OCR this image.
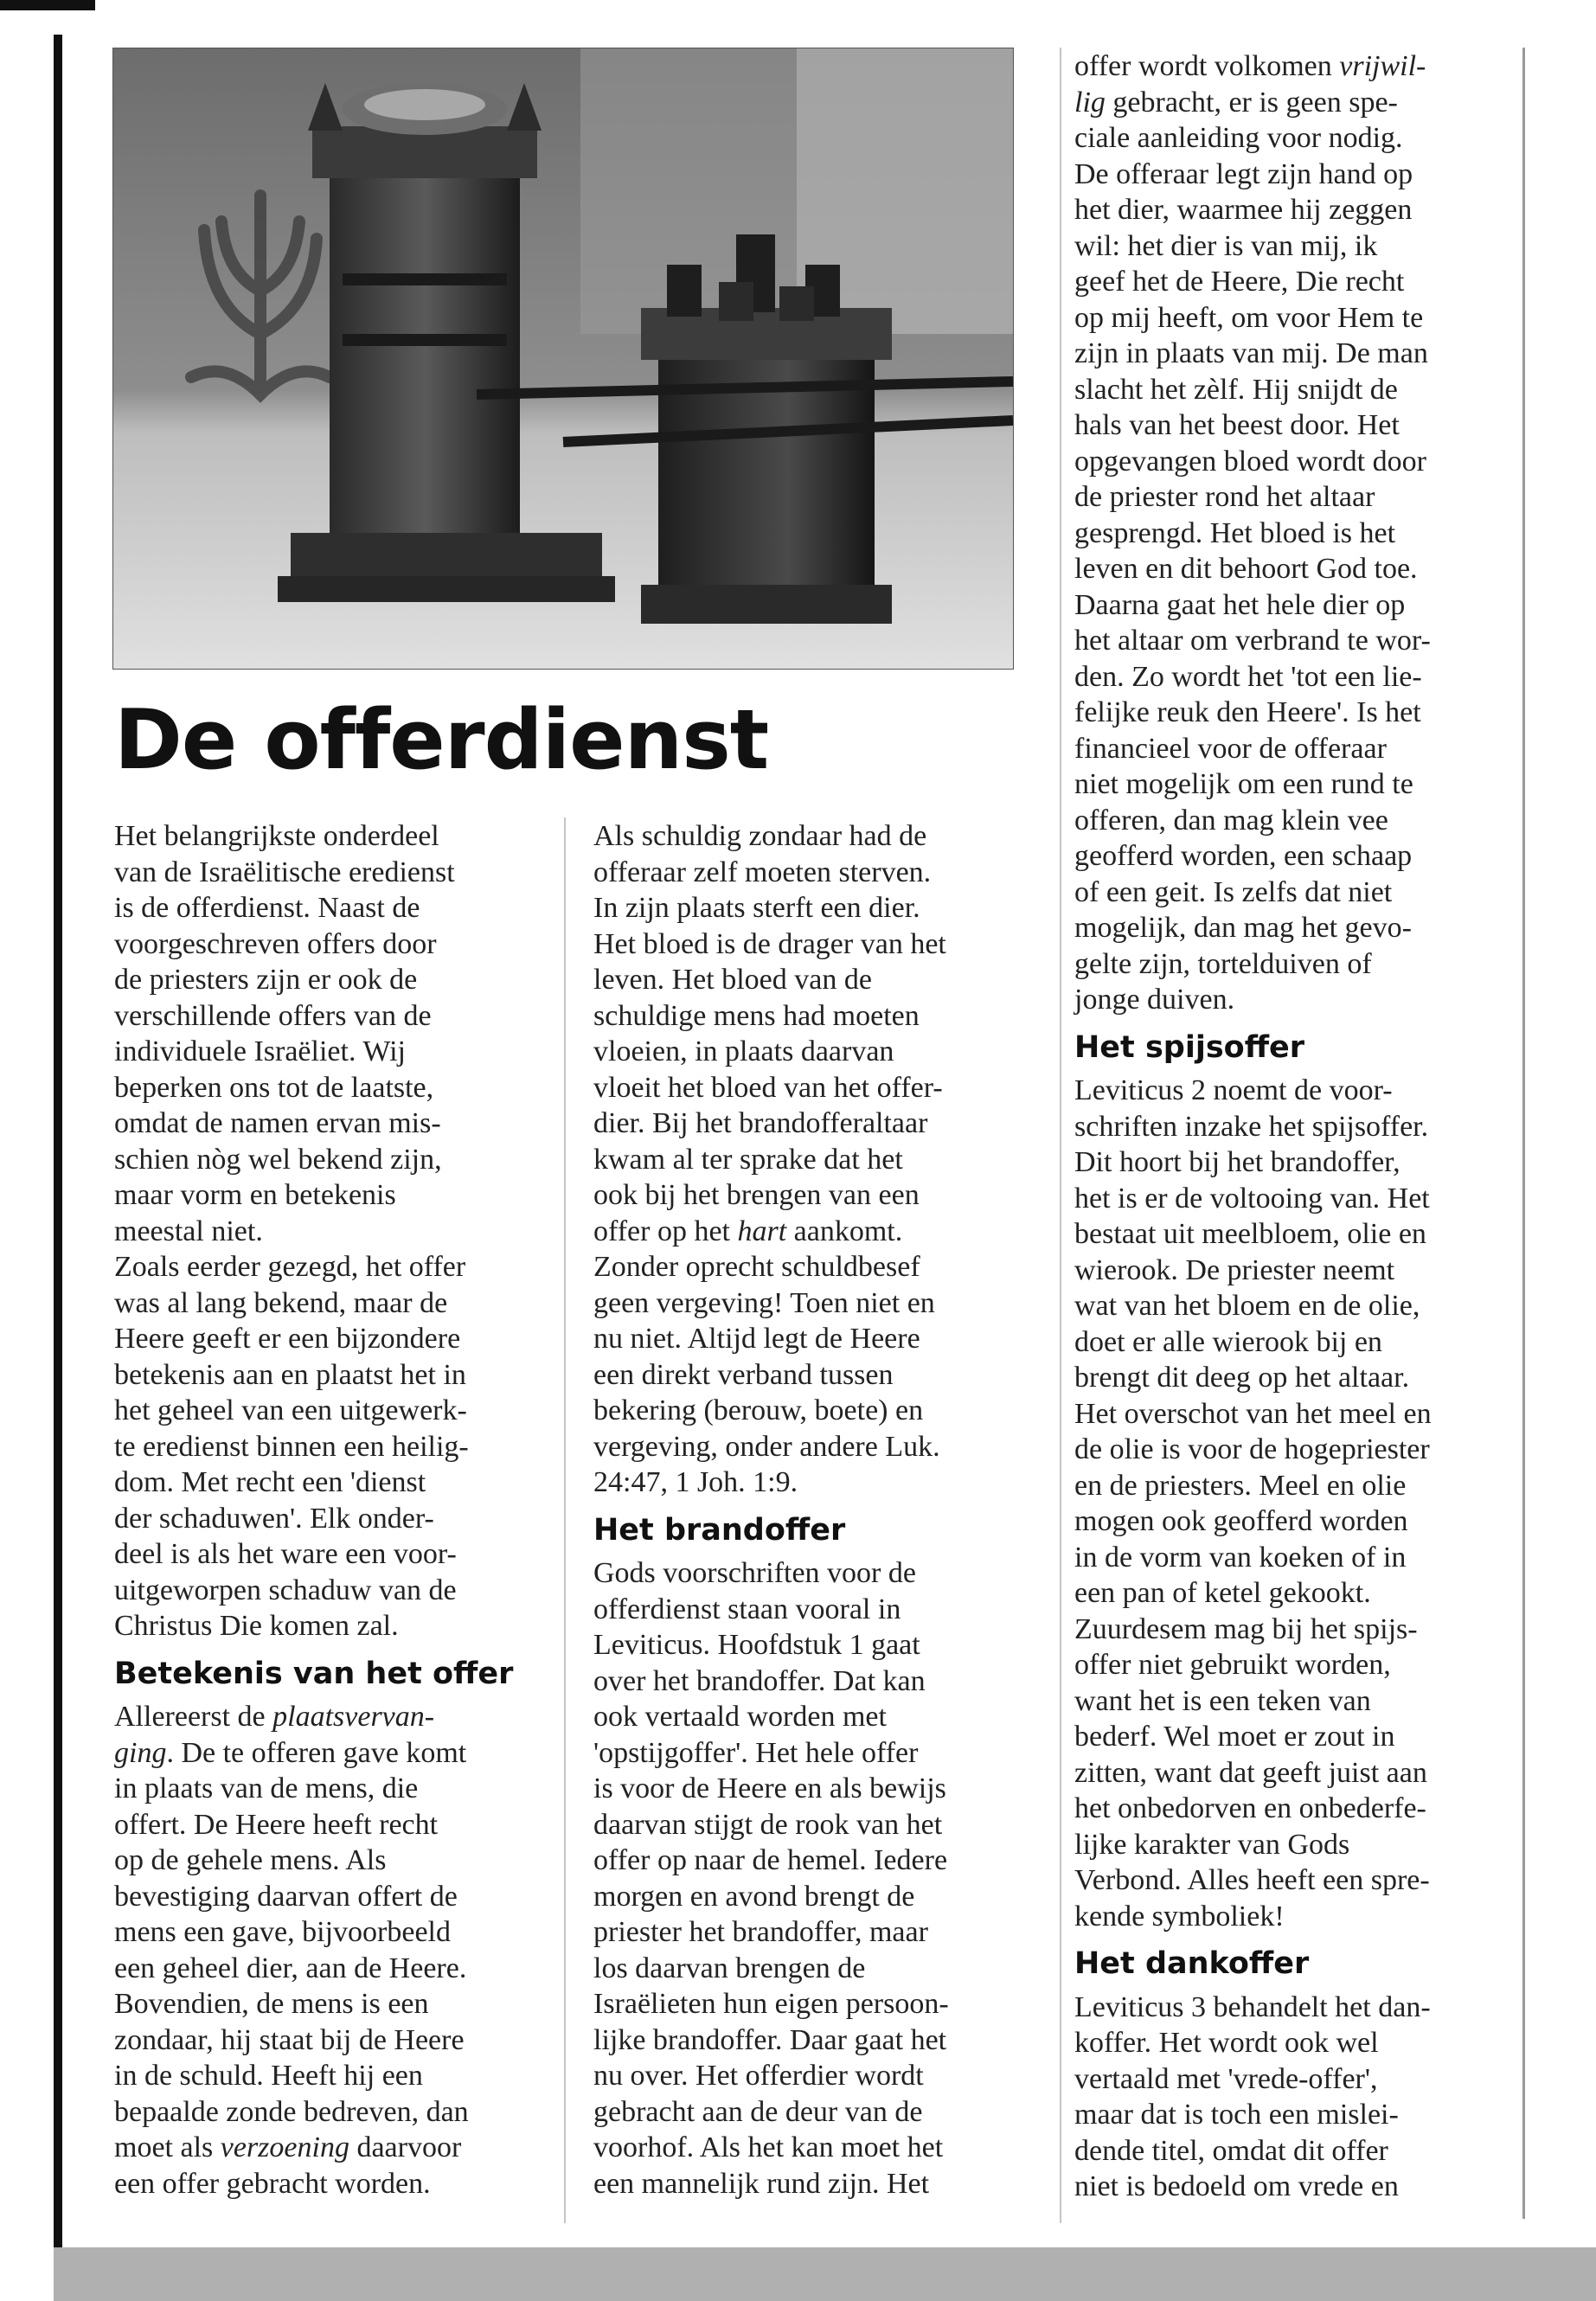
De offerdienst

Het belangrijkste onderdeel

van de Israëlitische eredienst

is de offerdienst. Naast de

voorgeschreven offers door

de priesters zijn er ook de

verschillende offers van de

individuele Israëliet. Wij

beperken ons tot de laatste,

omdat de namen ervan mis-

schien nòg wel bekend zijn,

maar vorm en betekenis

meestal niet.

Zoals eerder gezegd, het offer

was al lang bekend, maar de

Heere geeft er een bijzondere

betekenis aan en plaatst het in

het geheel van een uitgewerk-

te eredienst binnen een heilig-

dom. Met recht een 'dienst

der schaduwen'. Elk onder-

deel is als het ware een voor-

uitgeworpen schaduw van de

Christus Die komen zal.

Betekenis van het offer

Allereerst de plaatsvervan-

ging. De te offeren gave komt

in plaats van de mens, die

offert. De Heere heeft recht

op de gehele mens. Als

bevestiging daarvan offert de

mens een gave, bijvoorbeeld

een geheel dier, aan de Heere.

Bovendien, de mens is een

zondaar, hij staat bij de Heere

in de schuld. Heeft hij een

bepaalde zonde bedreven, dan

moet als verzoening daarvoor

een offer gebracht worden.

Als schuldig zondaar had de

offeraar zelf moeten sterven.

In zijn plaats sterft een dier.

Het bloed is de drager van het

leven. Het bloed van de

schuldige mens had moeten

vloeien, in plaats daarvan

vloeit het bloed van het offer-

dier. Bij het brandofferaltaar

kwam al ter sprake dat het

ook bij het brengen van een

offer op het hart aankomt.

Zonder oprecht schuldbesef

geen vergeving! Toen niet en

nu niet. Altijd legt de Heere

een direkt verband tussen

bekering (berouw, boete) en

vergeving, onder andere Luk.

24:47, 1 Joh. 1:9.

Het brandoffer

Gods voorschriften voor de

offerdienst staan vooral in

Leviticus. Hoofdstuk 1 gaat

over het brandoffer. Dat kan

ook vertaald worden met

'opstijgoffer'. Het hele offer

is voor de Heere en als bewijs

daarvan stijgt de rook van het

offer op naar de hemel. Iedere

morgen en avond brengt de

priester het brandoffer, maar

los daarvan brengen de

Israëlieten hun eigen persoon-

lijke brandoffer. Daar gaat het

nu over. Het offerdier wordt

gebracht aan de deur van de

voorhof. Als het kan moet het

een mannelijk rund zijn. Het

offer wordt volkomen vrijwil-

lig gebracht, er is geen spe-

ciale aanleiding voor nodig.

De offeraar legt zijn hand op

het dier, waarmee hij zeggen

wil: het dier is van mij, ik

geef het de Heere, Die recht

op mij heeft, om voor Hem te

zijn in plaats van mij. De man

slacht het zèlf. Hij snijdt de

hals van het beest door. Het

opgevangen bloed wordt door

de priester rond het altaar

gesprengd. Het bloed is het

leven en dit behoort God toe.

Daarna gaat het hele dier op

het altaar om verbrand te wor-

den. Zo wordt het 'tot een lie-

felijke reuk den Heere'. Is het

financieel voor de offeraar

niet mogelijk om een rund te

offeren, dan mag klein vee

geofferd worden, een schaap

of een geit. Is zelfs dat niet

mogelijk, dan mag het gevo-

gelte zijn, tortelduiven of

jonge duiven.

Het spijsoffer

Leviticus 2 noemt de voor-

schriften inzake het spijsoffer.

Dit hoort bij het brandoffer,

het is er de voltooing van. Het

bestaat uit meelbloem, olie en

wierook. De priester neemt

wat van het bloem en de olie,

doet er alle wierook bij en

brengt dit deeg op het altaar.

Het overschot van het meel en

de olie is voor de hogepriester

en de priesters. Meel en olie

mogen ook geofferd worden

in de vorm van koeken of in

een pan of ketel gekookt.

Zuurdesem mag bij het spijs-

offer niet gebruikt worden,

want het is een teken van

bederf. Wel moet er zout in

zitten, want dat geeft juist aan

het onbedorven en onbederfe-

lijke karakter van Gods

Verbond. Alles heeft een spre-

kende symboliek!

Het dankoffer

Leviticus 3 behandelt het dan-

koffer. Het wordt ook wel

vertaald met 'vrede-offer',

maar dat is toch een mislei-

dende titel, omdat dit offer

niet is bedoeld om vrede en
